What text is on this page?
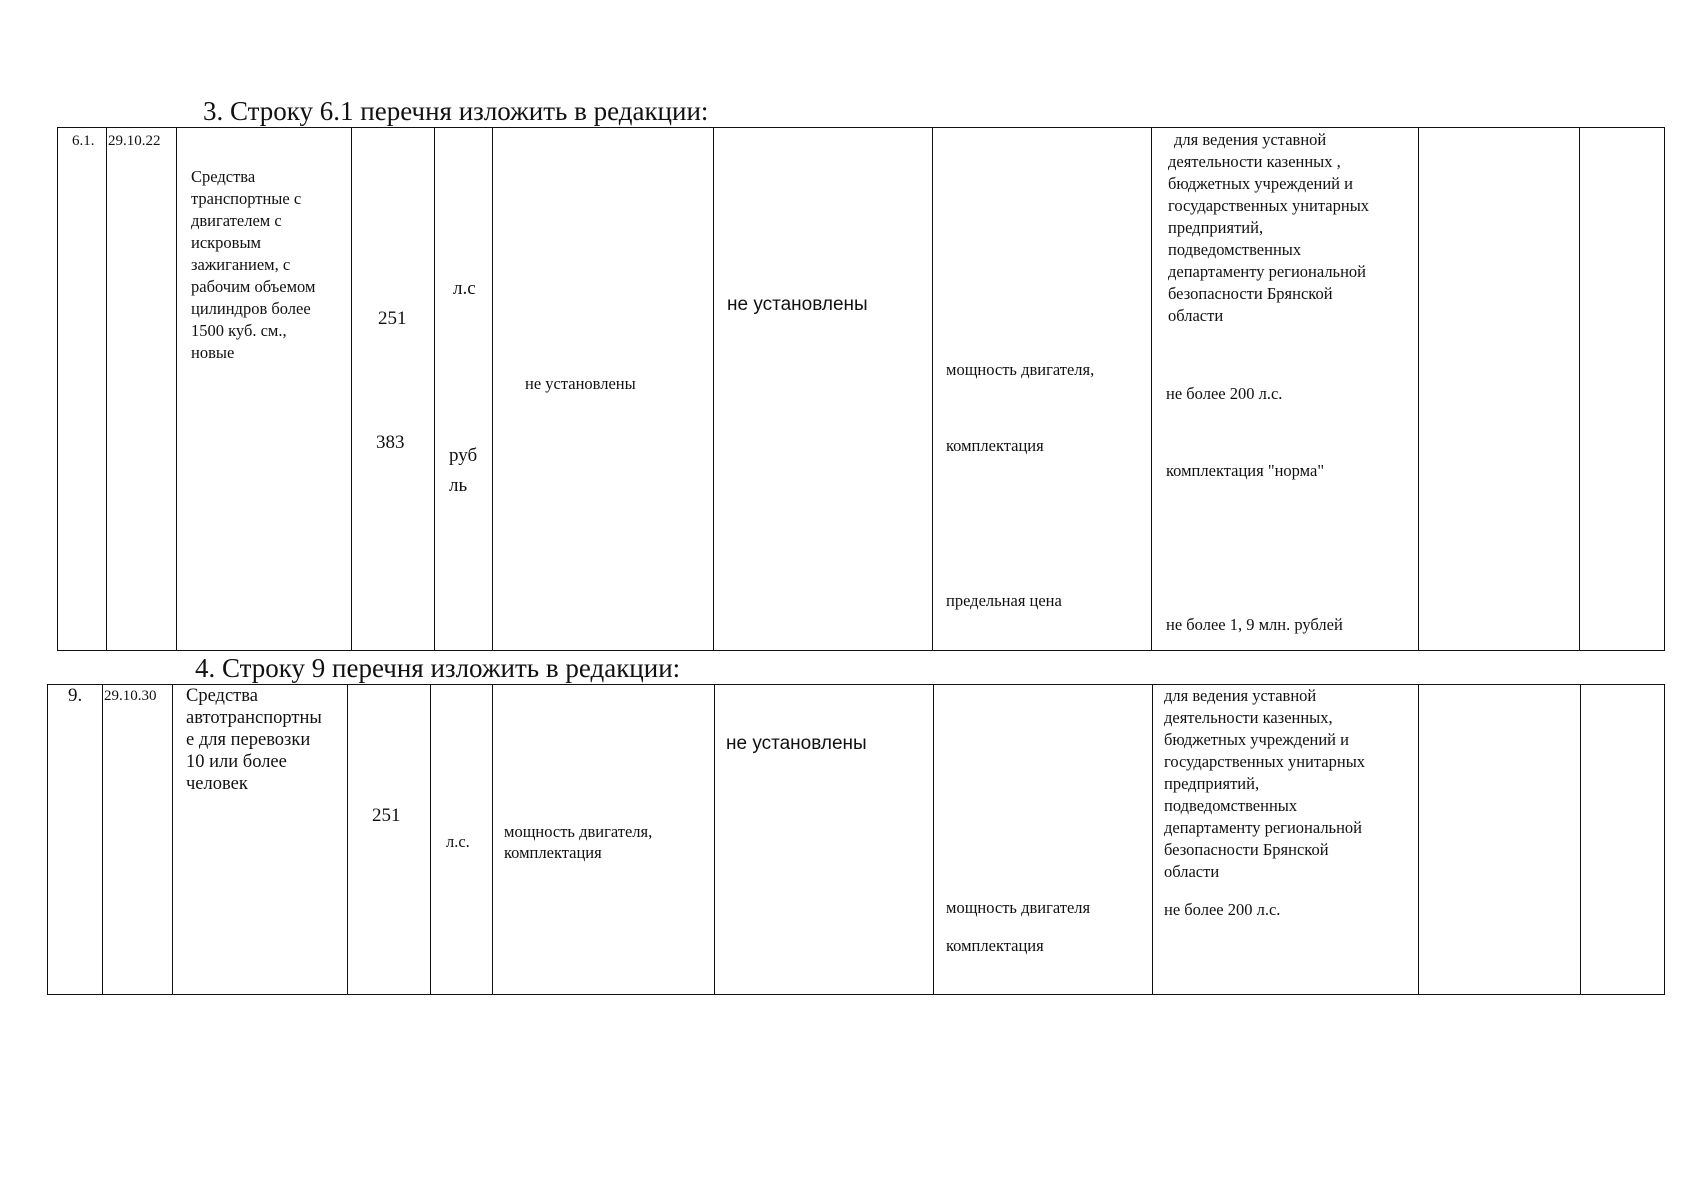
3. Строку 6.1 перечня изложить в редакции:
6.1. 29.10.22
Средства
транспортные с
двигателем с
искровым
зажиганием, с
рабочим объемом
цилиндров более
1500 куб. см.,
новые
251
л.с
383
руб
ль
не установлены
не установлены
мощность двигателя,
комплектация
предельная цена
для ведения уставной
деятельности казенных ,
бюджетных учреждений и
государственных унитарных
предприятий,
подведомственных
департаменту региональной
безопасности Брянской
области
не более 200 л.с.
комплектация "норма"
не более 1, 9 млн. рублей
4. Строку 9 перечня изложить в редакции:
9. 29.10.30 Средства
автотранспортны
е для перевозки
10 или более
человек
251
л.с.
мощность двигателя,
комплектация
не установлены
мощность двигателя
комплектация
для ведения уставной
деятельности казенных,
бюджетных учреждений и
государственных унитарных
предприятий,
подведомственных
департаменту региональной
безопасности Брянской
области
не более 200 л.с.
